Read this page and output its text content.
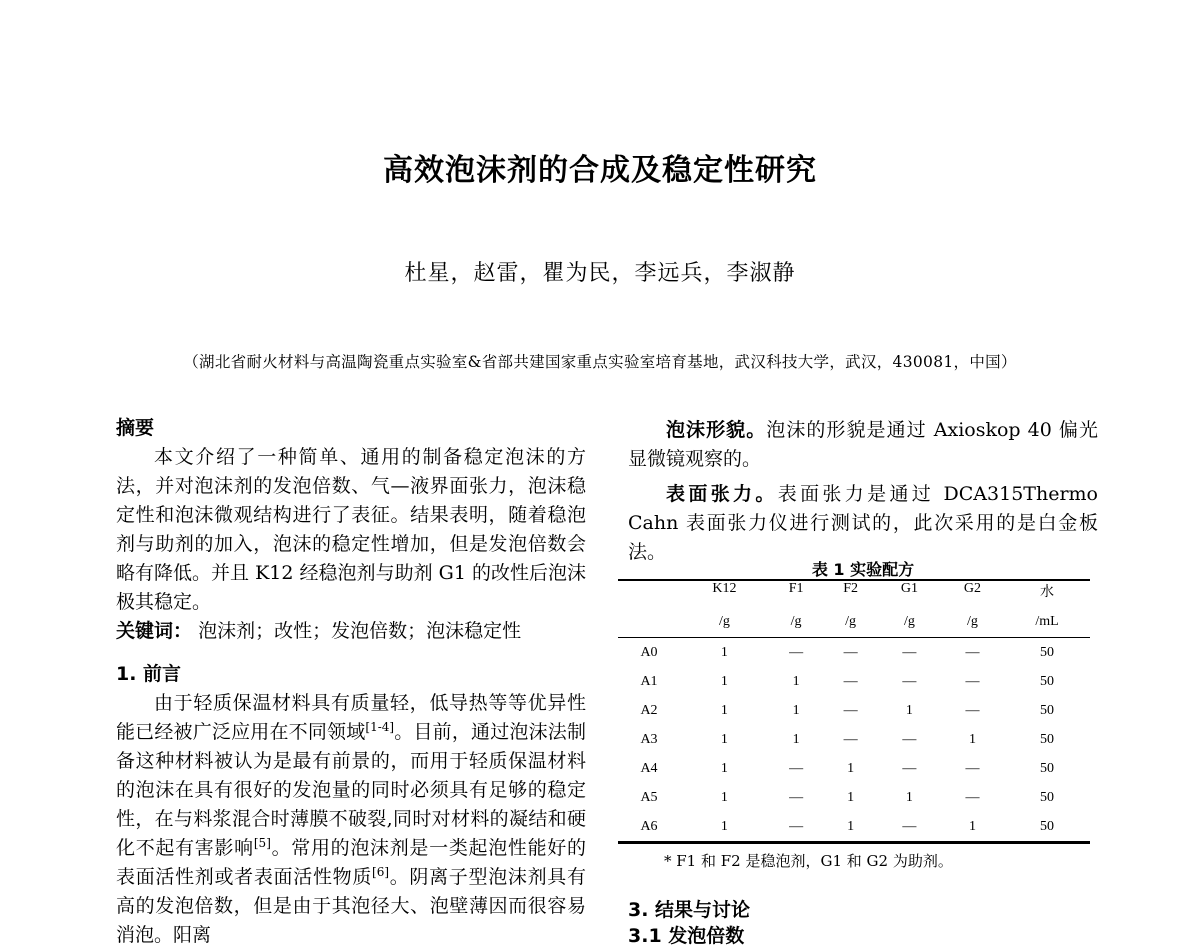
高效泡沫剂的合成及稳定性研究
杜星，赵雷，瞿为民，李远兵，李淑静
（湖北省耐火材料与高温陶瓷重点实验室&省部共建国家重点实验室培育基地，武汉科技大学，武汉，430081，中国）
摘要

本文介绍了一种简单、通用的制备稳定泡沫的方法，并对泡沫剂的发泡倍数、气—液界面张力，泡沫稳定性和泡沫微观结构进行了表征。结果表明，随着稳泡剂与助剂的加入，泡沫的稳定性增加，但是发泡倍数会略有降低。并且 K12 经稳泡剂与助剂 G1 的改性后泡沫极其稳定。

关键词： 泡沫剂；改性；发泡倍数；泡沫稳定性

1. 前言

由于轻质保温材料具有质量轻，低导热等等优异性能已经被广泛应用在不同领域[1-4]。目前，通过泡沫法制备这种材料被认为是最有前景的，而用于轻质保温材料的泡沫在具有很好的发泡量的同时必须具有足够的稳定性，在与料浆混合时薄膜不破裂,同时对材料的凝结和硬化不起有害影响[5]。常用的泡沫剂是一类起泡性能好的表面活性剂或者表面活性物质[6]。阴离子型泡沫剂具有高的发泡倍数，但是由于其泡径大、泡壁薄因而很容易消泡。阳离

泡沫形貌。泡沫的形貌是通过 Axioskop 40 偏光显微镜观察的。

表面张力。表面张力是通过 DCA315Thermo Cahn 表面张力仪进行测试的，此次采用的是白金板法。

表 1 实验配方
	K12	F1	F2	G1	G2	水
	/g	/g	/g	/g	/g	/mL
A0	1	—	—	—	—	50
A1	1	1	—	—	—	50
A2	1	1	—	1	—	50
A3	1	1	—	—	1	50
A4	1	—	1	—	—	50
A5	1	—	1	1	—	50
A6	1	—	1	—	1	50
* F1 和 F2 是稳泡剂，G1 和 G2 为助剂。
3. 结果与讨论
3.1 发泡倍数
